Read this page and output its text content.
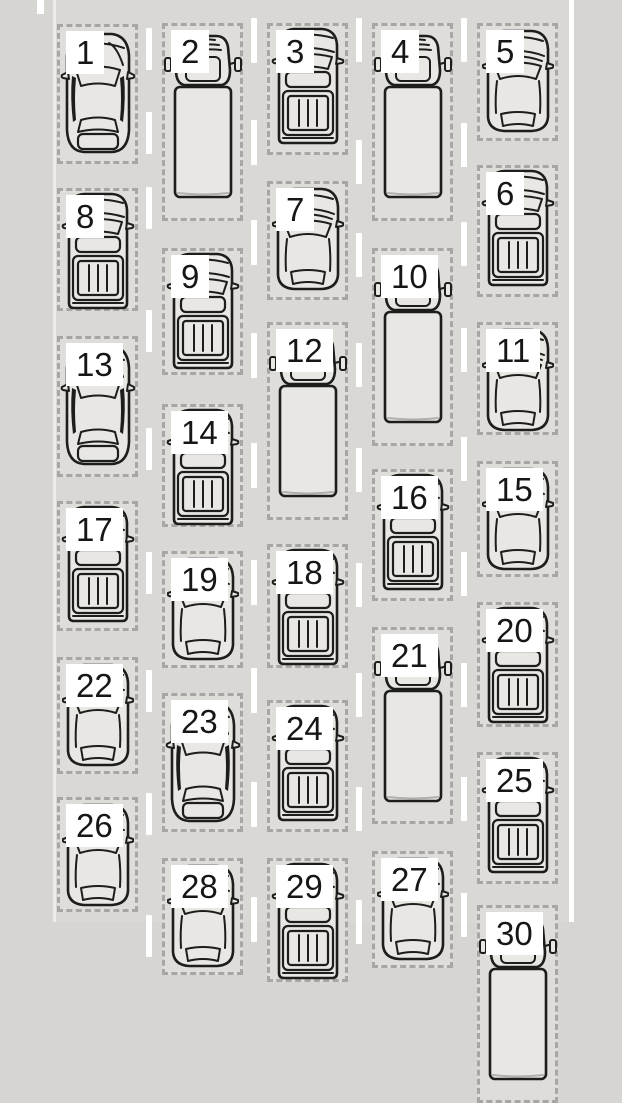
1	2	3	4	5
6
7
8
9	10
11
12
13
14
15
16
17
18
19
20
21
22
23	24
25
26
27
28	29
30
